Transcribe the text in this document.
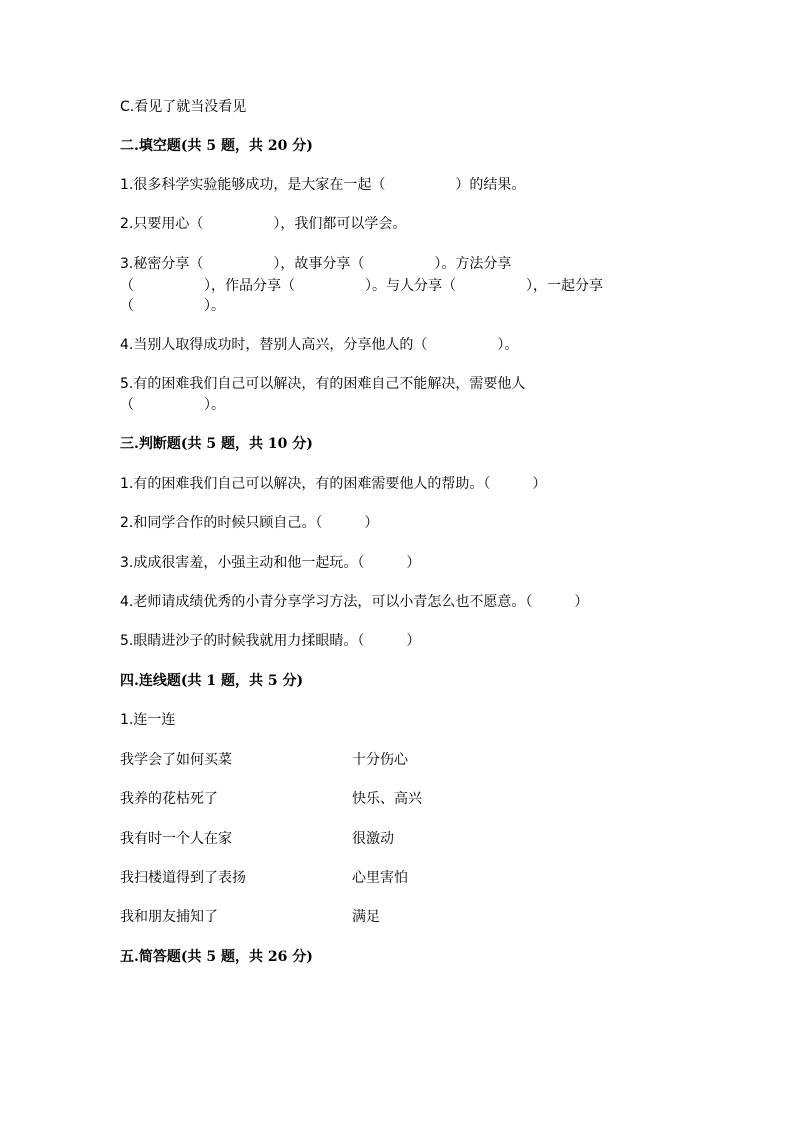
C.看见了就当没看见
二.填空题(共 5 题，共 20 分)
1.很多科学实验能够成功，是大家在一起（　　　　　）的结果。
2.只要用心（　　　　　），我们都可以学会。
3.秘密分享（　　　　　），故事分享（　　　　　）。方法分享
（　　　　　），作品分享（　　　　　）。与人分享（　　　　　），一起分享
（　　　　　）。
4.当别人取得成功时，替别人高兴，分享他人的（　　　　　）。
5.有的困难我们自己可以解决，有的困难自己不能解决，需要他人
（　　　　　）。
三.判断题(共 5 题，共 10 分)
1.有的困难我们自己可以解决，有的困难需要他人的帮助。（　　　）
2.和同学合作的时候只顾自己。（　　　）
3.成成很害羞，小强主动和他一起玩。（　　　）
4.老师请成绩优秀的小青分享学习方法，可以小青怎么也不愿意。（　　　）
5.眼睛进沙子的时候我就用力揉眼睛。（　　　）
四.连线题(共 1 题，共 5 分)
1.连一连
我学会了如何买菜	十分伤心
我养的花枯死了	快乐、高兴
我有时一个人在家	很激动
我扫楼道得到了表扬	心里害怕
我和朋友捕知了	满足
五.简答题(共 5 题，共 26 分)
